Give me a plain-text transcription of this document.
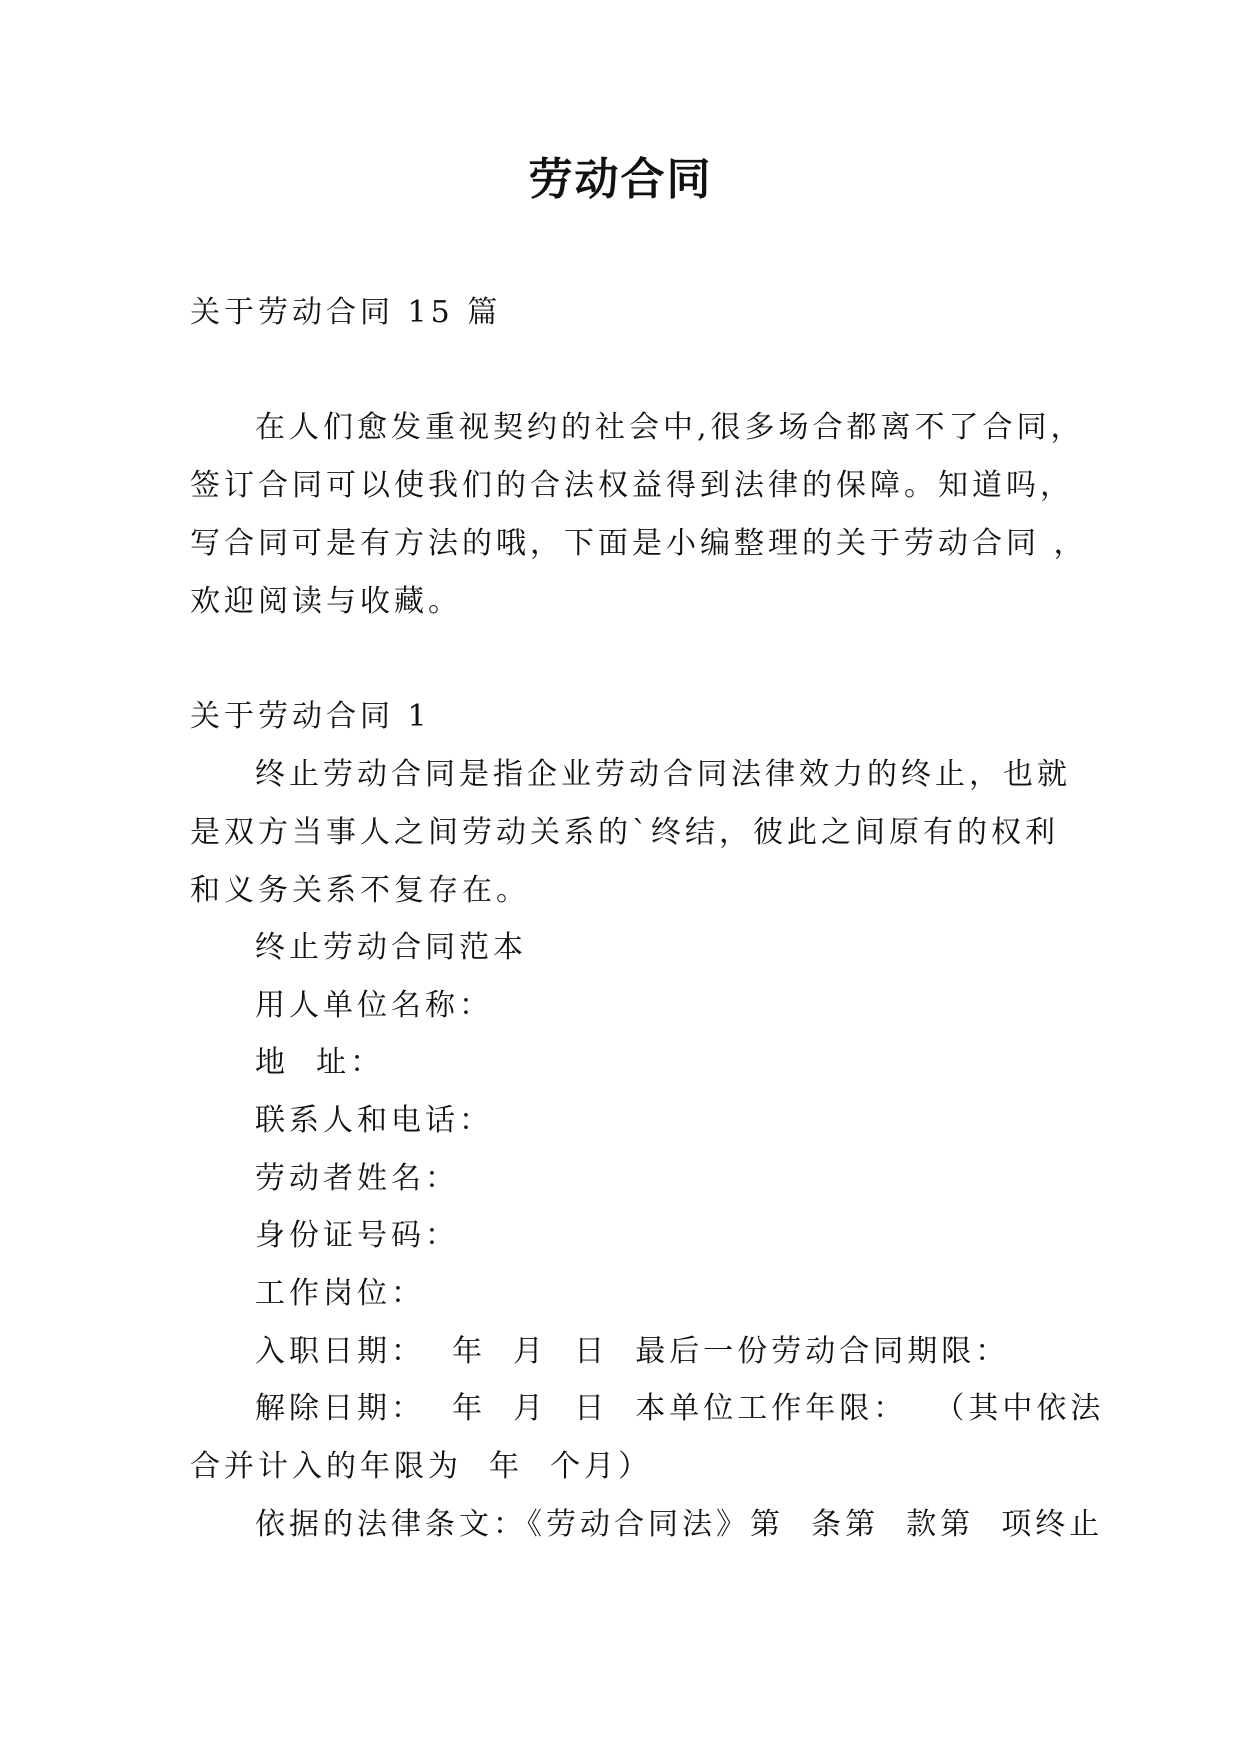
劳动合同
关于劳动合同 15 篇
在人们愈发重视契约的社会中,很多场合都离不了合同，
签订合同可以使我们的合法权益得到法律的保障。知道吗，
写合同可是有方法的哦，下面是小编整理的关于劳动合同 ，
欢迎阅读与收藏。
关于劳动合同 1
终止劳动合同是指企业劳动合同法律效力的终止，也就
是双方当事人之间劳动关系的`终结，彼此之间原有的权利
和义务关系不复存在。
终止劳动合同范本
用人单位名称：
地  址：
联系人和电话：
劳动者姓名：
身份证号码：
工作岗位：
入职日期：  年  月  日  最后一份劳动合同期限：
解除日期：  年  月  日  本单位工作年限：  （其中依法
合并计入的年限为  年  个月）
依据的法律条文：《劳动合同法》第  条第  款第  项终止
